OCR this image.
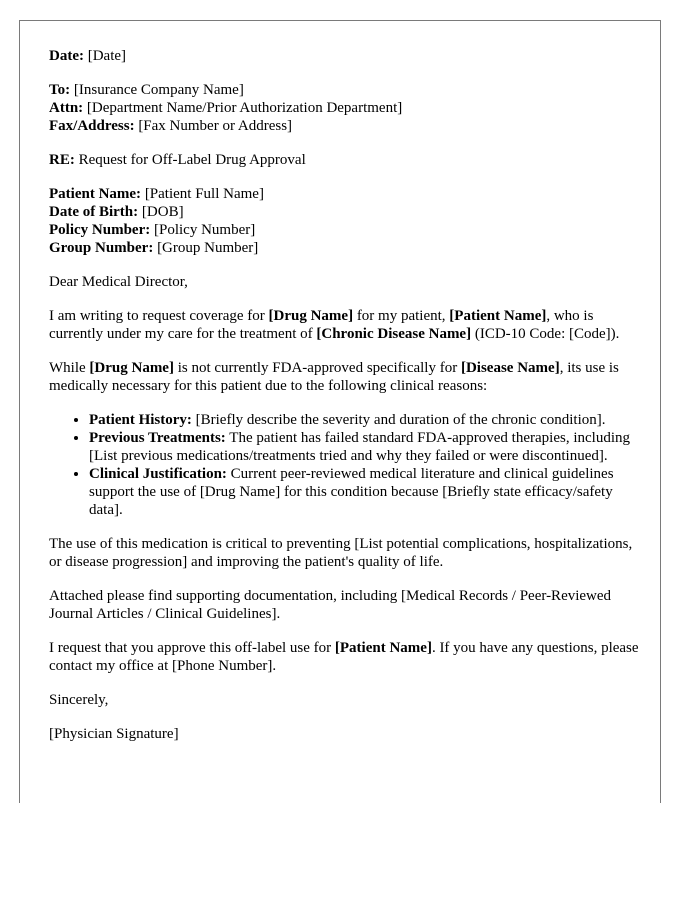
Date: [Date]

To: [Insurance Company Name]
Attn: [Department Name/Prior Authorization Department]
Fax/Address: [Fax Number or Address]

RE: Request for Off-Label Drug Approval

Patient Name: [Patient Full Name]
Date of Birth: [DOB]
Policy Number: [Policy Number]
Group Number: [Group Number]

Dear Medical Director,

I am writing to request coverage for [Drug Name] for my patient, [Patient Name], who is currently under my care for the treatment of [Chronic Disease Name] (ICD-10 Code: [Code]).

While [Drug Name] is not currently FDA-approved specifically for [Disease Name], its use is medically necessary for this patient due to the following clinical reasons:

• Patient History: [Briefly describe the severity and duration of the chronic condition].
• Previous Treatments: The patient has failed standard FDA-approved therapies, including [List previous medications/treatments tried and why they failed or were discontinued].
• Clinical Justification: Current peer-reviewed medical literature and clinical guidelines support the use of [Drug Name] for this condition because [Briefly state efficacy/safety data].

The use of this medication is critical to preventing [List potential complications, hospitalizations, or disease progression] and improving the patient's quality of life.

Attached please find supporting documentation, including [Medical Records / Peer-Reviewed Journal Articles / Clinical Guidelines].

I request that you approve this off-label use for [Patient Name]. If you have any questions, please contact my office at [Phone Number].

Sincerely,

[Physician Signature]
